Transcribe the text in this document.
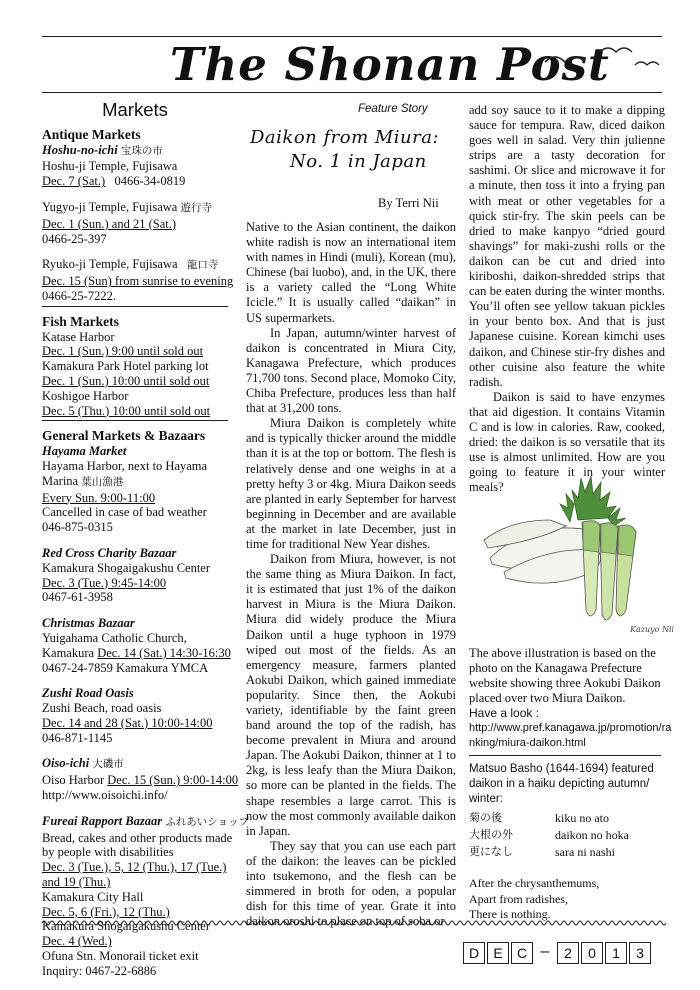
The Shonan Post
Markets
Antique Markets
Hoshu-no-ichi 宝珠の市
Hoshu-ji Temple, Fujisawa
Dec. 7 (Sat.) 0466-34-0819
Yugyo-ji Temple, Fujisawa 遊行寺
Dec. 1 (Sun.) and 21 (Sat.)
0466-25-397
Ryuko-ji Temple, Fujisawa 龍口寺
Dec. 15 (Sun) from sunrise to evening
0466-25-7222.
Fish Markets
Katase Harbor
Dec. 1 (Sun.) 9:00 until sold out
Kamakura Park Hotel parking lot
Dec. 1 (Sun.) 10:00 until sold out
Koshigoe Harbor
Dec. 5 (Thu.) 10:00 until sold out
General Markets & Bazaars
Hayama Market
Hayama Harbor, next to Hayama
Marina 葉山漁港
Every Sun. 9:00-11:00
Cancelled in case of bad weather
046-875-0315
Red Cross Charity Bazaar
Kamakura Shogaigakushu Center
Dec. 3 (Tue.) 9:45-14:00
0467-61-3958
Christmas Bazaar
Yuigahama Catholic Church,
Kamakura Dec. 14 (Sat.) 14:30-16:30
0467-24-7859 Kamakura YMCA
Zushi Road Oasis
Zushi Beach, road oasis
Dec. 14 and 28 (Sat.) 10:00-14:00
046-871-1145
Oiso-ichi 大磯市
Oiso Harbor Dec. 15 (Sun.) 9:00-14:00
http://www.oisoichi.info/
Fureai Rapport Bazaar ふれあいショップ
Bread, cakes and other products made
by people with disabilities
Dec. 3 (Tue.), 5, 12 (Thu.), 17 (Tue.)
and 19 (Thu.)
Kamakura City Hall
Dec. 5, 6 (Fri.), 12 (Thu.)
Kamakura Shogaigakushu Center
Dec. 4 (Wed.)
Ofuna Stn. Monorail ticket exit
Inquiry: 0467-22-6886
Feature Story
Daikon from Miura:
No. 1 in Japan
By Terri Nii

Native to the Asian continent, the daikon white radish is now an international item with names in Hindi (muli), Korean (mu), Chinese (bai luobo), and, in the UK, there is a variety called the “Long White Icicle.” It is usually called “daikan” in US supermarkets.

In Japan, autumn/winter harvest of daikon is concentrated in Miura City, Kanagawa Prefecture, which produces 71,700 tons. Second place, Momoko City, Chiba Prefecture, produces less than half that at 31,200 tons.

Miura Daikon is completely white and is typically thicker around the middle than it is at the top or bottom. The flesh is relatively dense and one weighs in at a pretty hefty 3 or 4kg. Miura Daikon seeds are planted in early September for harvest beginning in December and are available at the market in late December, just in time for traditional New Year dishes.

Daikon from Miura, however, is not the same thing as Miura Daikon. In fact, it is estimated that just 1% of the daikon harvest in Miura is the Miura Daikon. Miura did widely produce the Miura Daikon until a huge typhoon in 1979 wiped out most of the fields. As an emergency measure, farmers planted Aokubi Daikon, which gained immediate popularity. Since then, the Aokubi variety, identifiable by the faint green band around the top of the radish, has become prevalent in Miura and around Japan. The Aokubi Daikon, thinner at 1 to 2kg, is less leafy than the Miura Daikon, so more can be planted in the fields. The shape resembles a large carrot. This is now the most commonly available daikon in Japan.

They say that you can use each part of the daikon: the leaves can be pickled into tsukemono, and the flesh can be simmered in broth for oden, a popular dish for this time of year. Grate it into daikon oroshi to place on top of soba or

add soy sauce to it to make a dipping sauce for tempura. Raw, diced daikon goes well in salad. Very thin julienne strips are a tasty decoration for sashimi. Or slice and microwave it for a minute, then toss it into a frying pan with meat or other vegetables for a quick stir-fry. The skin peels can be dried to make kanpyo “dried gourd shavings” for maki-zushi rolls or the daikon can be cut and dried into kiriboshi, daikon-shredded strips that can be eaten during the winter months. You’ll often see yellow takuan pickles in your bento box. And that is just Japanese cuisine. Korean kimchi uses daikon, and Chinese stir-fry dishes and other cuisine also feature the white radish.

Daikon is said to have enzymes that aid digestion. It contains Vitamin C and is low in calories. Raw, cooked, dried: the daikon is so versatile that its use is almost unlimited. How are you going to feature it in your winter meals?

Kazuyo Nii
The above illustration is based on the photo on the Kanagawa Prefecture website showing three Aokubi Daikon placed over two Miura Daikon.
Have a look :
http://www.pref.kanagawa.jp/promotion/ra
nking/miura-daikon.html
Matsuo Basho (1644-1694) featured daikon in a haiku depicting autumn/ winter:
菊の後	kiku no ato
大根の外	daikon no hoka
更になし	sara ni nashi
After the chrysanthemums,
Apart from radishes,
There is nothing.
D	E	C –	2	0	1	3
